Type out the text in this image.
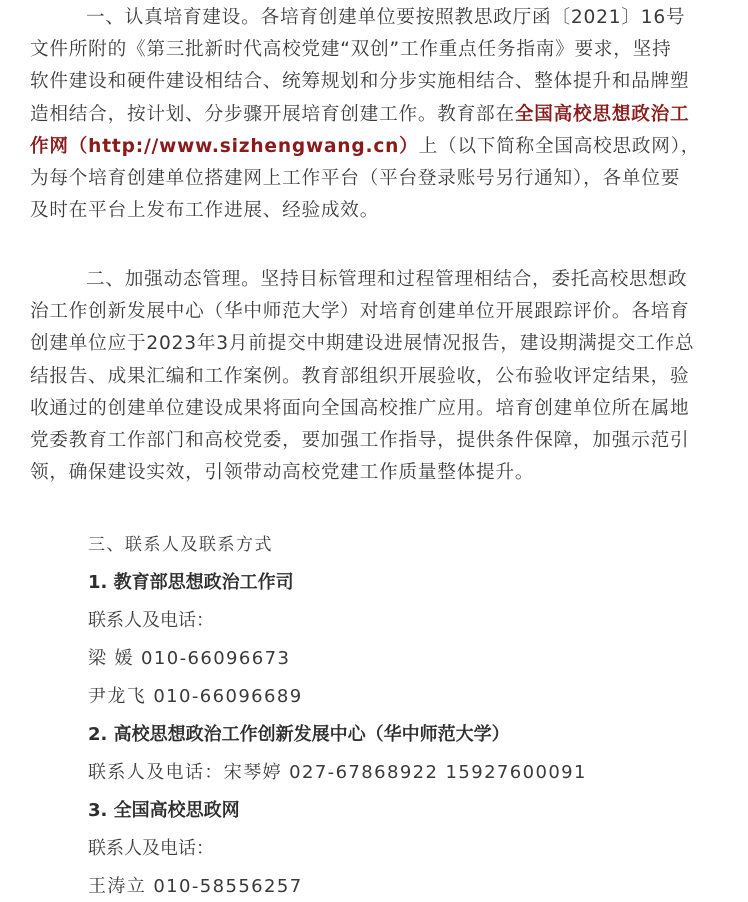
一、认真培育建设。各培育创建单位要按照教思政厅函〔2021〕16号
文件所附的《第三批新时代高校党建“双创”工作重点任务指南》要求，坚持
软件建设和硬件建设相结合、统筹规划和分步实施相结合、整体提升和品牌塑
造相结合，按计划、分步骤开展培育创建工作。教育部在全国高校思想政治工
作网（http://www.sizhengwang.cn）上（以下简称全国高校思政网），
为每个培育创建单位搭建网上工作平台（平台登录账号另行通知），各单位要
及时在平台上发布工作进展、经验成效。
二、加强动态管理。坚持目标管理和过程管理相结合，委托高校思想政
治工作创新发展中心（华中师范大学）对培育创建单位开展跟踪评价。各培育
创建单位应于2023年3月前提交中期建设进展情况报告，建设期满提交工作总
结报告、成果汇编和工作案例。教育部组织开展验收，公布验收评定结果，验
收通过的创建单位建设成果将面向全国高校推广应用。培育创建单位所在属地
党委教育工作部门和高校党委，要加强工作指导，提供条件保障，加强示范引
领，确保建设实效，引领带动高校党建工作质量整体提升。
三、联系人及联系方式
1. 教育部思想政治工作司
联系人及电话：
梁 媛 010-66096673
尹龙飞 010-66096689
2. 高校思想政治工作创新发展中心（华中师范大学）
联系人及电话：宋琴婷 027-67868922 15927600091
3. 全国高校思政网
联系人及电话：
王涛立 010-58556257
